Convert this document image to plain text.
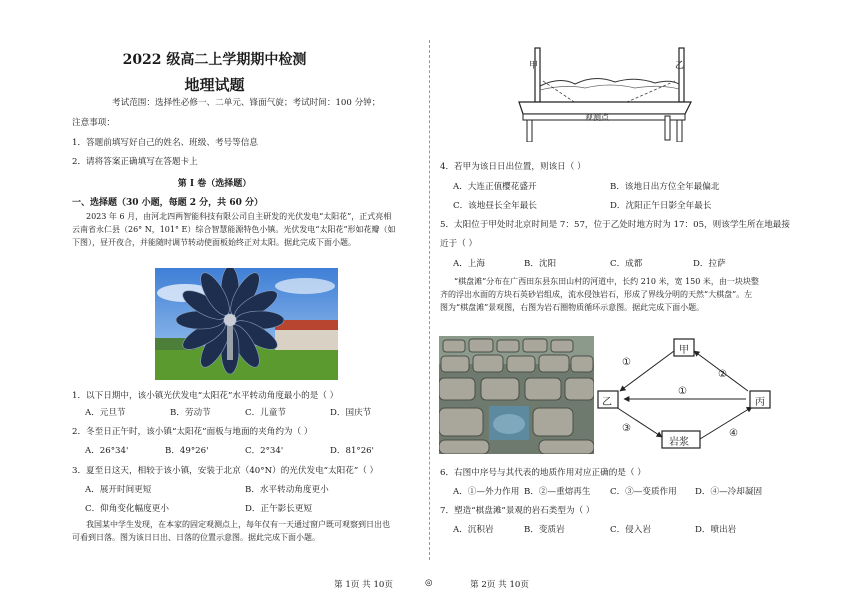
2022 级高二上学期期中检测
地理试题
考试范围：选择性必修一、二单元、锋面气旋；考试时间：100 分钟；
注意事项：
1．答题前填写好自己的姓名、班级、考号等信息
2．请将答案正确填写在答题卡上
第 I 卷（选择题）
一、选择题（30 小题，每题 2 分，共 60 分）
2023 年 6 月，由河北四两智能科技有限公司自主研发的光伏发电“太阳花”，正式亮相
云南省永仁县（26° N，101° E）综合智慧能源特色小镇。光伏发电“太阳花”形如花瓣（如
下图），昼开夜合，并能随时调节转动使面板始终正对太阳。据此完成下面小题。
1．以下日期中，该小镇光伏发电“太阳花”水平转动角度最小的是（ ）
A．元旦节	B．劳动节	C．儿童节	D．国庆节
2．冬至日正午时，该小镇“太阳花”面板与地面的夹角约为（ ）
A．26°34'	B．49°26'	C．2°34'	D．81°26'
3．夏至日这天，相较于该小镇，安装于北京（40°N）的光伏发电“太阳花”（ ）
A．展开时间更短	B．水平转动角度更小
C．仰角变化幅度更小	D．正午影长更短
我国某中学生发现，在本家的固定观测点上，每年仅有一天通过窗户既可观察到日出也
可看到日落。图为该日日出、日落的位置示意图。据此完成下面小题。
甲	乙
观测点
4．若甲为该日日出位置，则该日（ ）
A．大连正值樱花盛开	B．该地日出方位全年最偏北
C．该地昼长全年最长	D．沈阳正午日影全年最长
5．太阳位于甲处时北京时间是 7：57，位于乙处时地方时为 17：05，则该学生所在地最接
近于（ ）
A．上海	B．沈阳	C．成都	D．拉萨
“棋盘滩”分布在广西田东县东田山村的河道中，长约 210 米，宽 150 米，由一块块整
齐的浮出水面的方块石英砂岩组成，流水侵蚀岩石，形成了界线分明的天然“大棋盘”。左
图为“棋盘滩”景观图，右图为岩石圈物质循环示意图。据此完成下面小题。
甲
乙	丙
岩浆
①
②
①
③	④
6．右图中序号与其代表的地质作用对应正确的是（ ）
A．①—外力作用 B．②—重熔再生 C．③—变质作用 D．④—冷却凝固
7．塑造“棋盘滩”景观的岩石类型为（ ）
A．沉积岩	B．变质岩	C．侵入岩	D．喷出岩
第 1页 共 10页	◎	第 2页 共 10页
